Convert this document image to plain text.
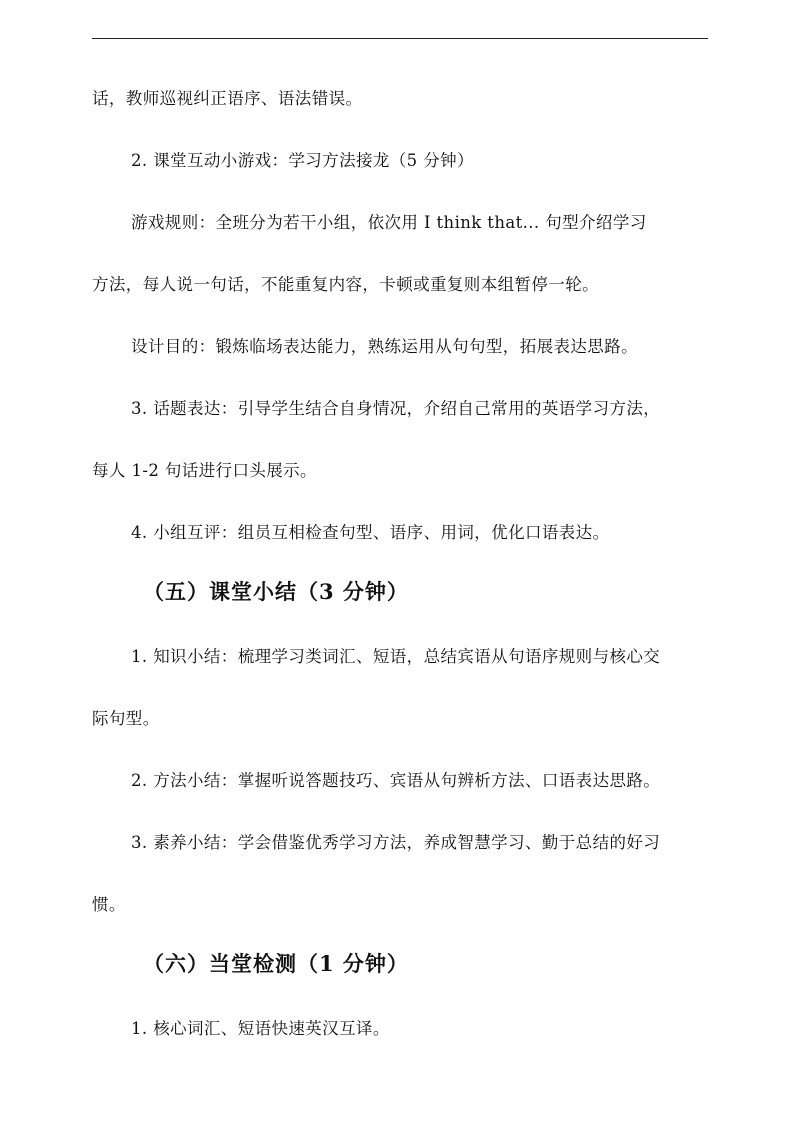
话，教师巡视纠正语序、语法错误。
2. 课堂互动小游戏：学习方法接龙（5 分钟）
游戏规则：全班分为若干小组，依次用 I think that... 句型介绍学习
方法，每人说一句话，不能重复内容，卡顿或重复则本组暂停一轮。
设计目的：锻炼临场表达能力，熟练运用从句句型，拓展表达思路。
3. 话题表达：引导学生结合自身情况，介绍自己常用的英语学习方法，
每人 1-2 句话进行口头展示。
4. 小组互评：组员互相检查句型、语序、用词，优化口语表达。
（五）课堂小结（3 分钟）
1. 知识小结：梳理学习类词汇、短语，总结宾语从句语序规则与核心交
际句型。
2. 方法小结：掌握听说答题技巧、宾语从句辨析方法、口语表达思路。
3. 素养小结：学会借鉴优秀学习方法，养成智慧学习、勤于总结的好习
惯。
（六）当堂检测（1 分钟）
1. 核心词汇、短语快速英汉互译。
